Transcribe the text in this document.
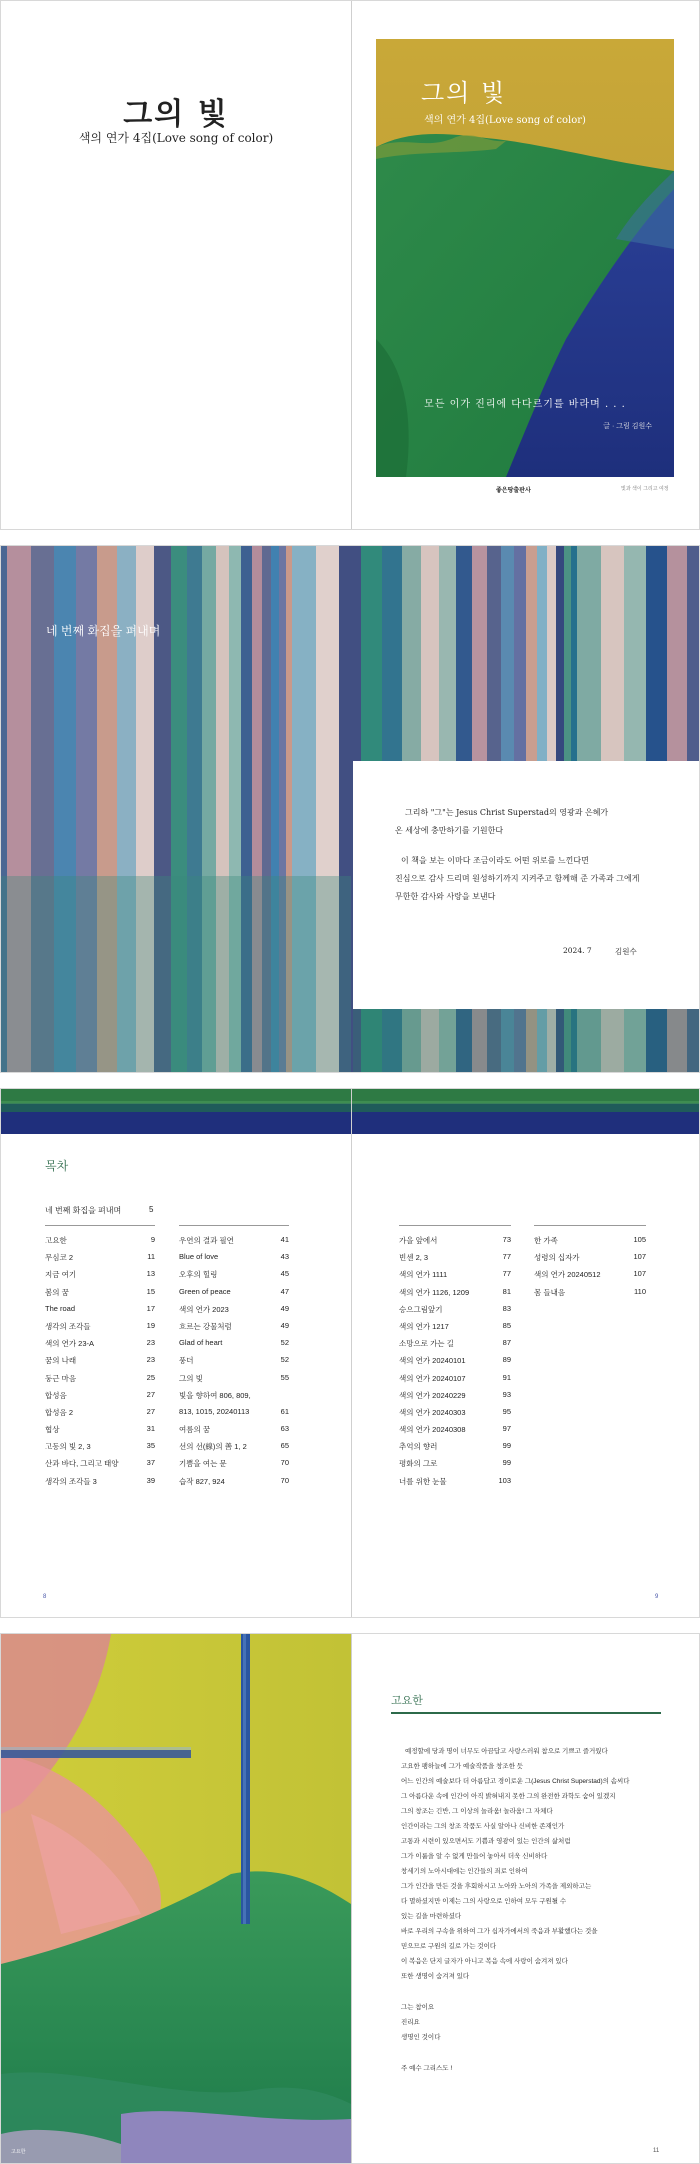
그의 빛
색의 연가 4집(Love song of color)
그의 빛
색의 연가 4집(Love song of color)
모든 이가 진리에 다다르기를 바라며 . . .
글 · 그림 김원수
좋은땅출판사	빛과 색이 그리고 여정
네 번째 화집을 펴내며
그리하 "그"는 Jesus Christ Superstad의 영광과 은혜가
온 세상에 충만하기를 기원한다
이 책을 보는 이마다 조금이라도 어떤 위로를 느낀다면
진심으로 감사 드리며 원성하기까지 지켜주고 함께해 준 가족과 그에게
무한한 감사와 사랑을 보낸다
2024. 7	김원수
목차
네 번째 화집을 펴내며	5
고요한	9
무심코 2	11
지금 여기	13
봄의 꿈	15
The road	17
생각의 조각들	19
색의 연가 23-A	23
꿈의 나래	23
둥근 마음	25
합성음	27
합성음 2	27
협상	31
고동의 빛 2, 3	35
산과 바다, 그리고 태양	37
생각의 조각들 3	39
우연의 결과 필연	41
Blue of love	43
오후의 힐링	45
Green of peace	47
색의 연가 2023	49
흐르는 강물처럼	49
Glad of heart	52
풍더	52
그의 빛	55
빛을 향하여 806, 809,
813, 1015, 20240113	61
여름의 꿈	63
선의 선(線)의 善 1, 2	65
기쁨을 여는 문	70
습작 827, 924	70
가을 앞에서	73
빈센 2, 3	77
색의 연가 1111	77
색의 연가 1126, 1209	81
승으그림앞기	83
색의 연가 1217	85
소망으로 가는 길	87
색의 연가 20240101	89
색의 연가 20240107	91
색의 연가 20240229	93
색의 연가 20240303	95
색의 연가 20240308	97
추억의 향러	99
평화의 그로	99
너를 위한 눈물	103
한 가족	105
성령의 십자가	107
색의 연가 20240512	107
몸 들내음	110
8	9
고요한
예정할에 당과 명이 너무도 아끔답고 사랑스러워 참으로 기쁘고 즐거웠다
고요한 팽하늘에 그가 예술작품을 창조한 듯
어느 인간의 예술보다 더 아름답고 경이로운 그(Jesus Christ Superstad)의 솜씨다
그 아름다운 속에 인간이 아직 밝혀내지 못한 그의 완전한 과학도 숨어 있겠지
그의 창조는 긴반, 그 이상의 놀라움! 놀라움! 그 자체다
인간이라는 그의 창조 작품도 사실 알아나 신비한 존재인가
고통과 시련이 있으면서도 기쁨과 영광이 있는 인간의 삶처럼
그가 이룹을 알 수 없게 만들어 놓아서 더욱 신비하다
창세기의 노아시대에는 인간들의 죄로 인하여
그가 인간을 만든 것을 후회하시고 노아와 노아의 가족을 제외하고는
다 멸하셨지만 이제는 그의 사랑으로 인하여 모두 구원될 수
있는 길을 마련하셨다
바로 우리의 구속을 위하여 그가 십자가에서의 죽음과 부활했다는 것을
믿으므로 구원의 길로 가는 것이다
이 복음은 단지 글자가 아니고 복음 속에 사랑이 숨겨져 있다
또한 생명이 숨겨져 있다
그는 참이요
진리요
생명인 것이다
주 예수 그리스도 !
고요한	11
